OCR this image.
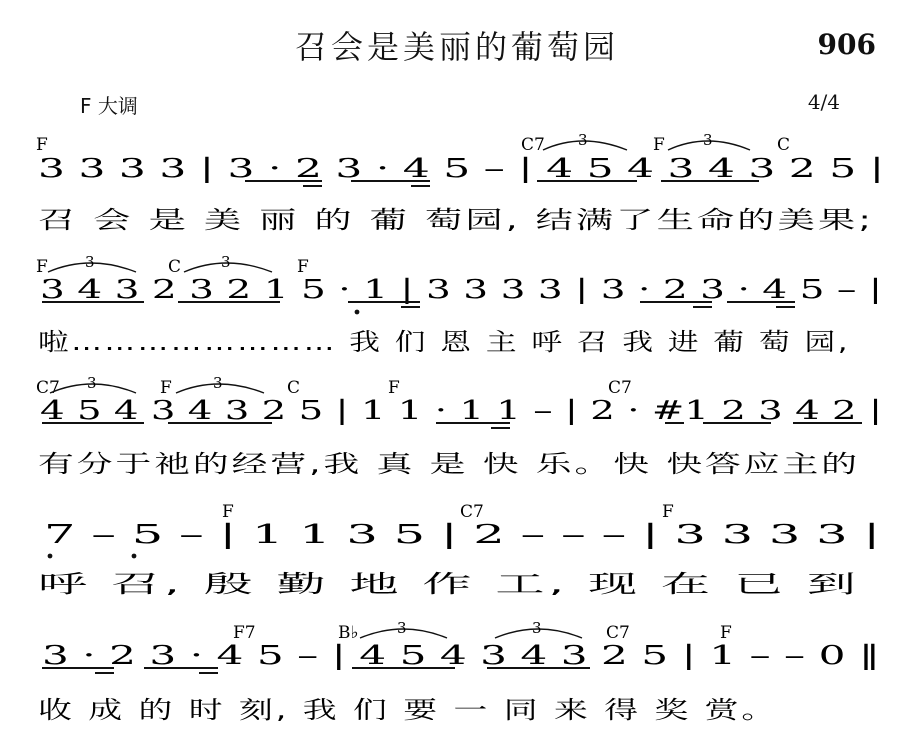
召会是美丽的葡萄园	906
F 大调	4/4
F	C7	F	C
3	3
3 3 3 3 | 3 · 2 3 · 4 5 – | 4 5 4 3 4 3 2 5 |
召 会 是 美 丽 的 葡 萄园, 结满了生命的美果;
F	C	F
3	3
3 4 3 2 3 2 1 5 · 1 | 3 3 3 3 | 3 · 2 3 · 4 5 – |
啦…………………… 我 们 恩 主 呼 召 我 进 葡 萄 园,
C7	F	C	F	C7
3	3
4 5 4 3 4 3 2 5 | 1 1 · 1 1 – | 2 · #1 2 3 4 2 |
有分于祂的经营,我 真 是 快 乐。快 快答应主的
F	C7	F
7 – 5 – | 1 1 3 5 | 2 – – – | 3 3 3 3 |
呼 召, 殷 勤 地 作 工, 现 在 已 到
F7	B♭	C7	F
3	3
3 · 2 3 · 4 5 – | 4 5 4 3 4 3 2 5 | 1 – – 0 ‖
收 成 的 时 刻, 我 们 要 一 同 来 得 奖 赏。
